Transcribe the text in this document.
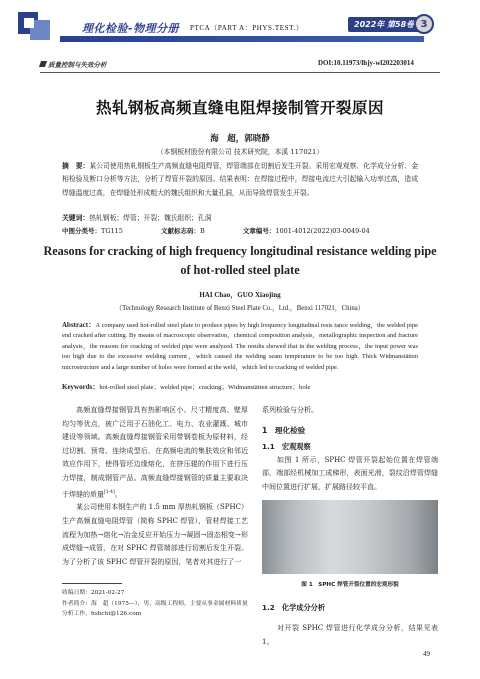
理化检验-物理分册 PTCA（PART A：PHYS.TEST.）	2022年 第58卷 3
质量控制与失效分析	DOI:10.11973/lhjy-wl202203014
热轧钢板高频直缝电阻焊接制管开裂原因
海　超，郭晓静
（本钢板材股份有限公司 技术研究院，本溪 117021）
摘　要：某公司使用热轧钢板生产高频直缝电阻焊管，焊管端部在切割后发生开裂。采用宏观观察、化学成分分析、金相检验及断口分析等方法，分析了焊管开裂的原因。结果表明：在焊接过程中，焊接电流过大引起输入功率过高，造成焊缝温度过高，在焊缝处形成粗大的魏氏组织和大量孔洞，从而导致焊管发生开裂。
关键词：热轧钢板；焊管；开裂；魏氏组织；孔洞
中图分类号：TG115	文献标志码：B	文章编号：1001-4012(2022)03-0049-04
Reasons for cracking of high frequency longitudinal resistance welding pipe of hot-rolled steel plate
HAI Chao，GUO Xiaojing
（Technology Research Institute of Benxi Steel Plate Co.，Ltd.，Benxi 117021，China）
Abstract：A company used hot-rolled steel plate to produce pipes by high frequency longitudinal resis tance welding，the welded pipe end cracked after cutting. By means of macroscopic observation，chemical composition analysis，metallographic inspection and fracture analysis，the reasons for cracking of welded pipe were analyzed. The results showed that in the welding process，the input power was too high due to the excessive welding current，which caused the welding seam temperature to be too high. Thick Widmanstätten microstructure and a large number of holes were formed at the weld，which led to cracking of welded pipe.
Keywords：hot-rolled steel plate；welded pipe；cracking；Widmanstätten structure；hole

高频直缝焊接钢管具有热影响区小、尺寸精度高、壁厚均匀等优点，被广泛用于石油化工、电力、农业灌溉、城市建设等领域。高频直缝焊接钢管采用带钢卷板为原材料，经过切割、预弯、连续成型后，在高频电流的集肤效应和邻近效应作用下，使得管坯边缘熔化，在挤压辊的作用下进行压力焊接，制成钢管产品。高频直缝焊接钢管的质量主要取决于焊缝的质量[1-4]。

某公司使用本钢生产的 1.5 mm 厚热轧钢板（SPHC）生产高频直缝电阻焊管（简称 SPHC 焊管），管材焊接工艺流程为加热→熔化→冶金反应开始压力→凝固→固态相变→形成焊缝→成管，在对 SPHC 焊管端部进行切割后发生开裂。为了分析了该 SPHC 焊管开裂的原因，笔者对其进行了一

收稿日期：2021-02-27
作者简介：海　超（1975—），男，高级工程师，主要从事金属材料质量分析工作，hshchi@126.com

系列检验与分析。

1　理化检验

1.1　宏观观察

　　如图 1 所示，SPHC 焊管开裂起始位置在焊管端部，端部经机械加工成梯形，表面光滑，裂纹沿焊管焊缝中间位置进行扩展，扩展路径较平直。

图 1　SPHC 焊管开裂位置的宏观形貌

1.2　化学成分分析

　　对开裂 SPHC 焊管进行化学成分分析，结果见表 1。

49
